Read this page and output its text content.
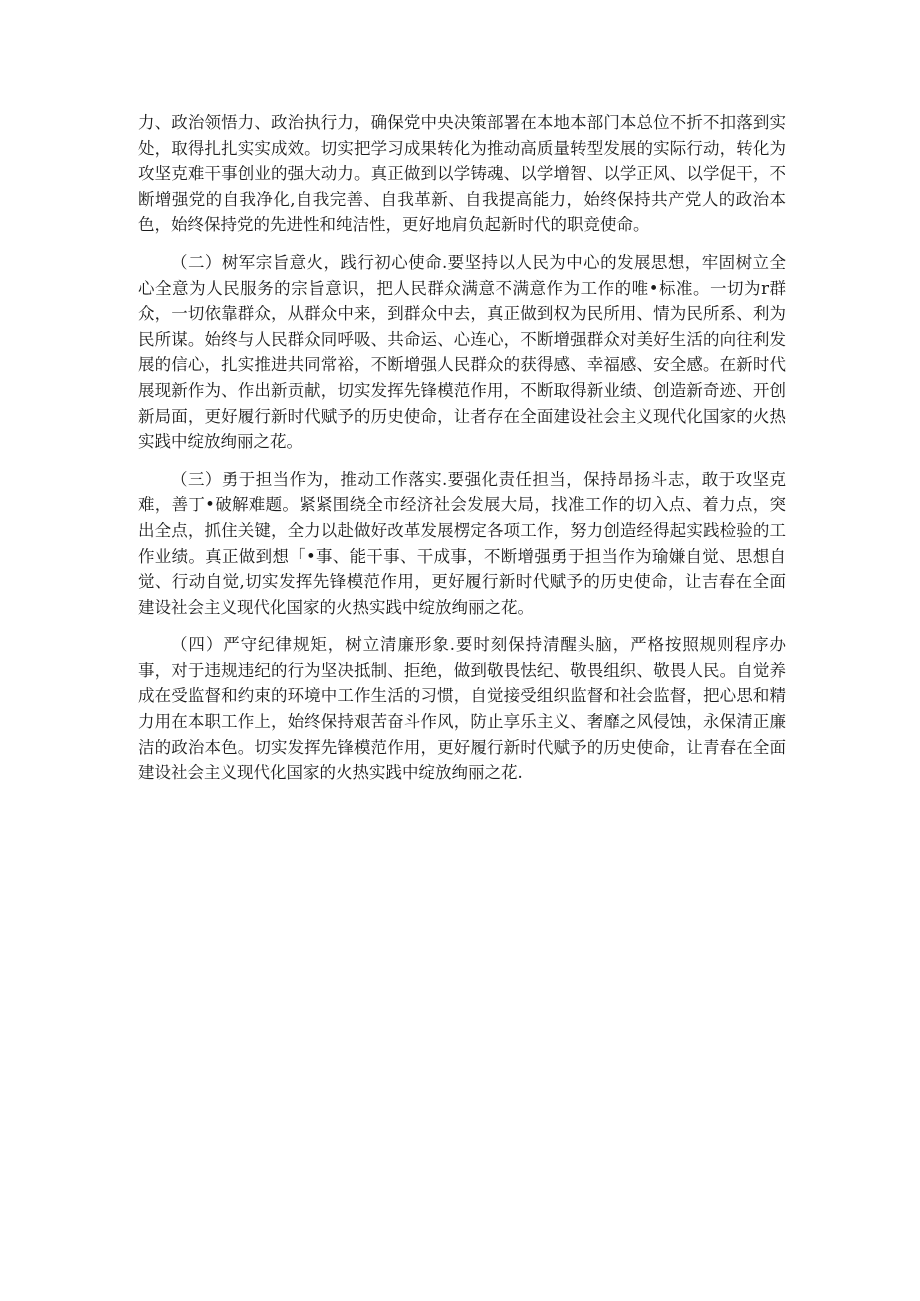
力、政治领悟力、政治执行力，确保党中央决策部署在本地本部门本总位不折不扣落到实处，取得扎扎实实成效。切实把学习成果转化为推动高质量转型发展的实际行动，转化为攻坚克难干事创业的强大动力。真正做到以学铸魂、以学增智、以学正风、以学促干，不断增强党的自我净化,自我完善、自我革新、自我提高能力，始终保持共产党人的政治本色，始终保持党的先进性和纯洁性，更好地肩负起新时代的职竞使命。

（二）树军宗旨意火，践行初心使命.要坚持以人民为中心的发展思想，牢固树立全心全意为人民服务的宗旨意识，把人民群众满意不满意作为工作的唯•标准。一切为r群众，一切依靠群众，从群众中来，到群众中去，真正做到权为民所用、情为民所系、利为民所谋。始终与人民群众同呼吸、共命运、心连心，不断增强群众对美好生活的向往利发展的信心，扎实推进共同常裕，不断增强人民群众的获得感、幸福感、安全感。在新时代展现新作为、作出新贡献，切实发挥先锋模范作用，不断取得新业绩、创造新奇迹、开创新局面，更好履行新时代赋予的历史使命，让者存在全面建设社会主义现代化国家的火热实践中绽放绚丽之花。

（三）勇于担当作为，推动工作落实.要强化责任担当，保持昂扬斗志，敢于攻坚克难，善丁•破解难题。紧紧围绕全市经济社会发展大局，找准工作的切入点、着力点，突出全点，抓住关键，全力以赴做好改革发展楞定各项工作，努力创造经得起实践检验的工作业绩。真正做到想「•事、能干事、干成事，不断增强勇于担当作为瑜嫌自觉、思想自觉、行动自觉,切实发挥先锋模范作用，更好履行新时代赋予的历史使命，让吉春在全面建设社会主义现代化国家的火热实践中绽放绚丽之花。

（四）严守纪律规矩，树立清廉形象.要时刻保持清醒头脑，严格按照规则程序办事，对于违规违纪的行为坚决抵制、拒绝，做到敬畏怯纪、敬畏组织、敬畏人民。自觉养成在受监督和约束的环境中工作生活的习惯，自觉接受组织监督和社会监督，把心思和精力用在本职工作上，始终保持艰苦奋斗作风，防止享乐主义、奢靡之风侵蚀，永保清正廉洁的政治本色。切实发挥先锋模范作用，更好履行新时代赋予的历史使命，让青春在全面建设社会主义现代化国家的火热实践中绽放绚丽之花.
